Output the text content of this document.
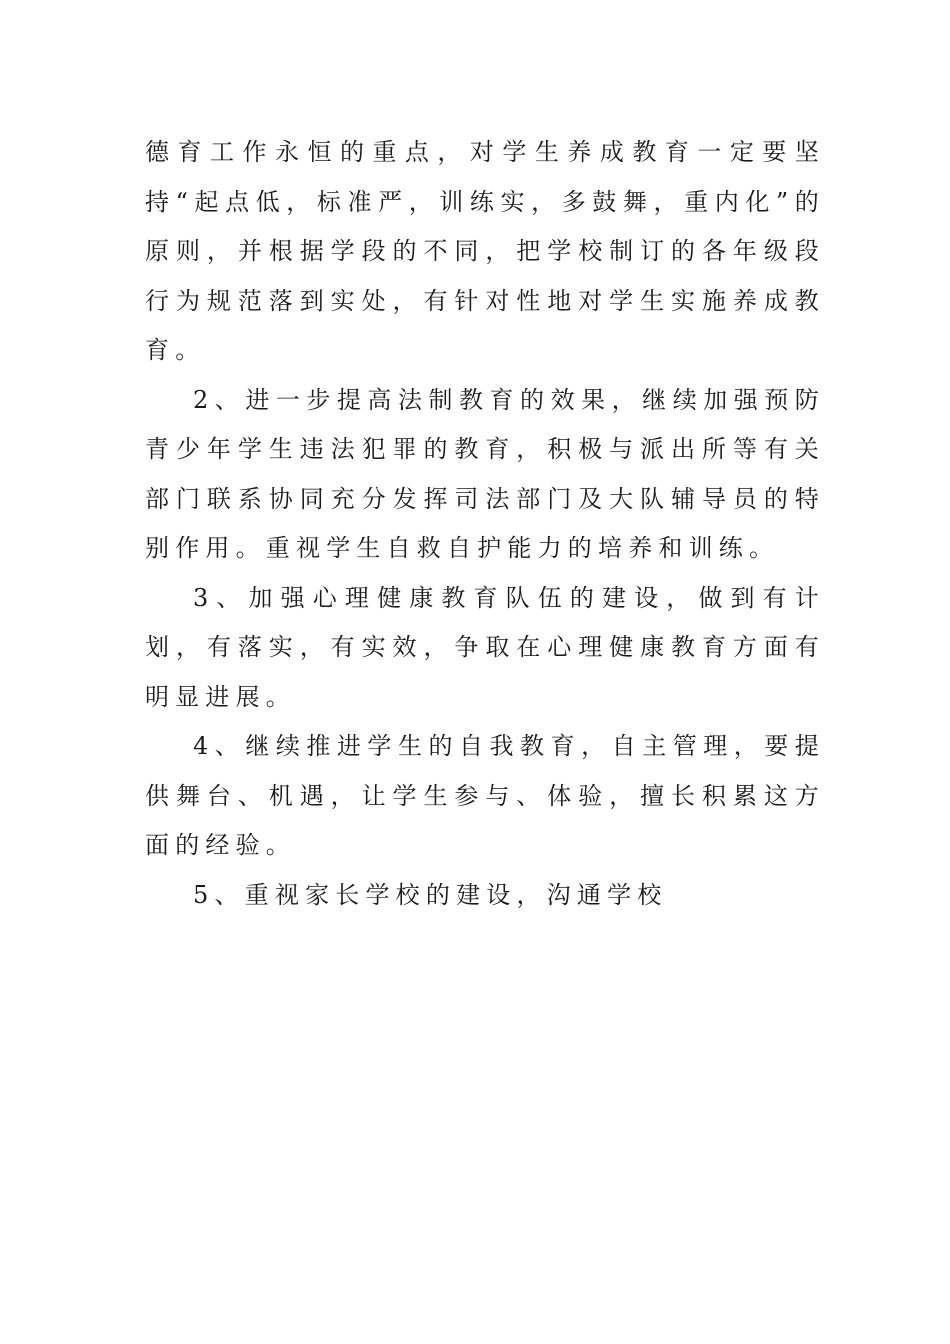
德育工作永恒的重点，对学生养成教育一定要坚持“起点低，标准严，训练实，多鼓舞，重内化”的原则，并根据学段的不同，把学校制订的各年级段行为规范落到实处，有针对性地对学生实施养成教育。

2、进一步提高法制教育的效果，继续加强预防青少年学生违法犯罪的教育，积极与派出所等有关部门联系协同充分发挥司法部门及大队辅导员的特别作用。重视学生自救自护能力的培养和训练。

3、加强心理健康教育队伍的建设，做到有计划，有落实，有实效，争取在心理健康教育方面有明显进展。

4、继续推进学生的自我教育，自主管理，要提供舞台、机遇，让学生参与、体验，擅长积累这方面的经验。

5、重视家长学校的建设，沟通学校
